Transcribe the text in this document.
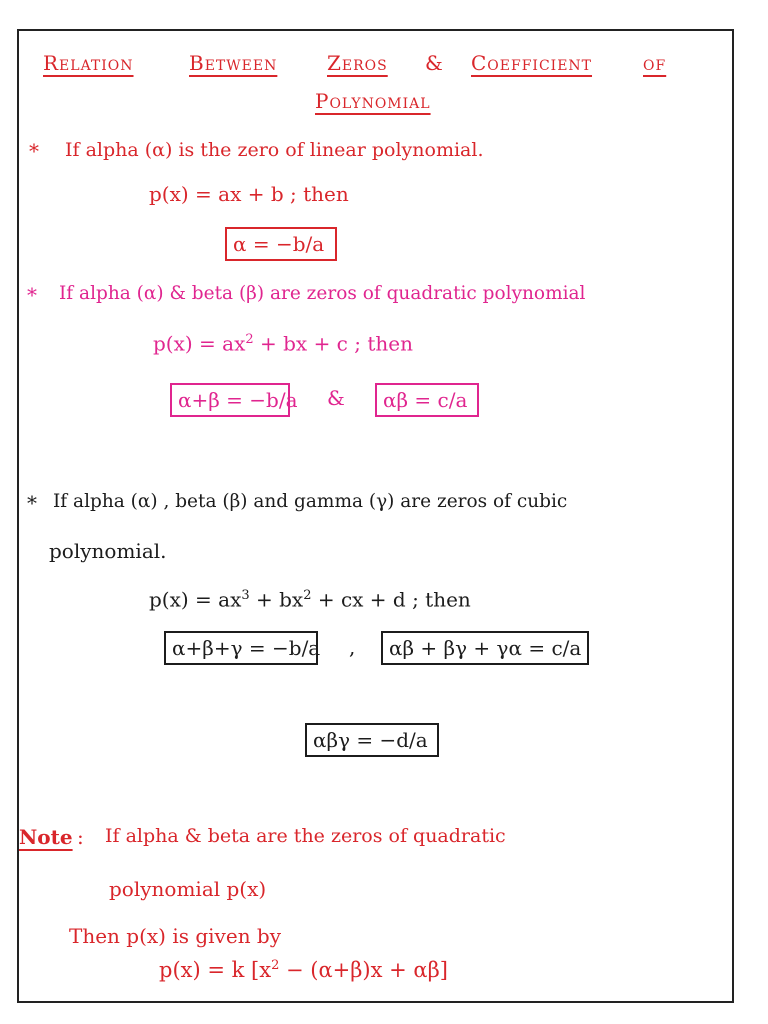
Relation	Between Zeros & Coefficient	of
Polynomial
* If alpha (α) is the zero of linear polynomial.
p(x) = ax + b ; then
α = −b/a
* If alpha (α) & beta (β) are zeros of quadratic polynomial
$p(x) = ax^2$ + bx + c ; then
α+β = −b/a &	αβ = c/a
* If alpha (α) , beta (β) and gamma (γ) are zeros of cubic
polynomial.
$p(x) = ax^3 + bx^2$ + cx + d ; then
α+β+γ = −b/a ,	αβ + βγ + γα = c/a
αβγ = −d/a
Note : If alpha & beta are the zeros of quadratic
polynomial p(x)
Then p(x) is given by
p(x) = k $[x^2 - (\alpha+\beta)x + \alpha\beta]$
